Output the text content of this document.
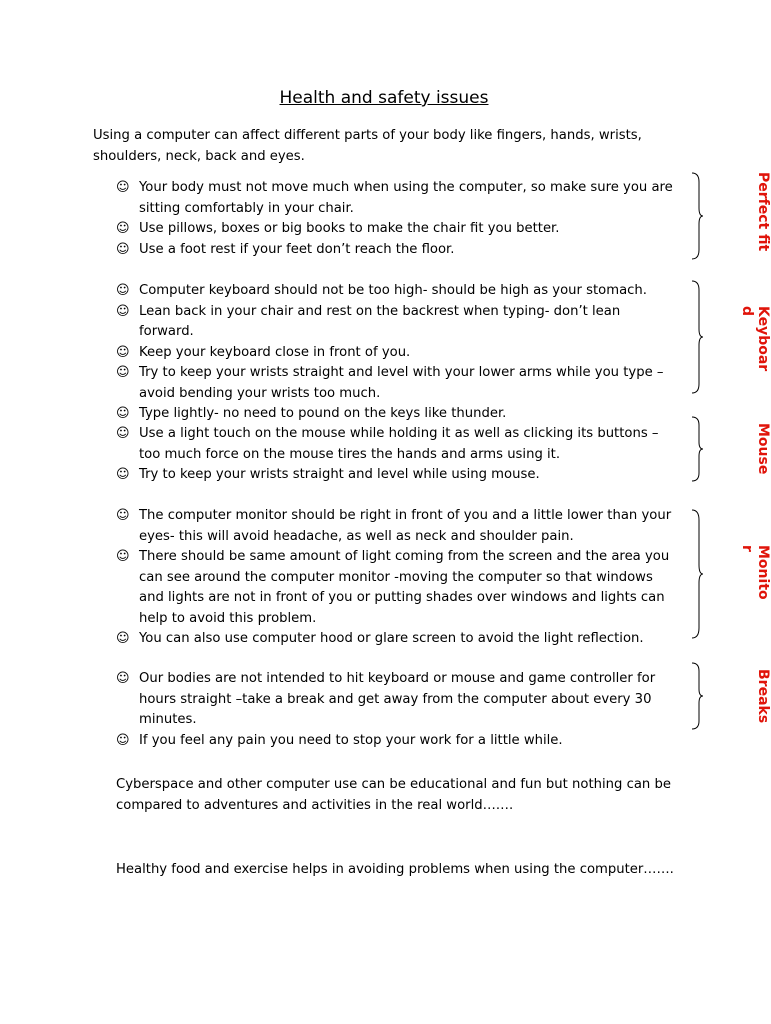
Health and safety issues
Using a computer can affect different parts of your body like fingers, hands, wrists, shoulders, neck, back and eyes.
☺ Your body must not move much when using the computer, so make sure you are sitting comfortably in your chair.
☺ Use pillows, boxes or big books to make the chair fit you better.
☺ Use a foot rest if your feet don’t reach the floor.	Perfect fit
☺ Computer keyboard should not be too high- should be high as your stomach.
☺ Lean back in your chair and rest on the backrest when typing- don’t lean forward.
☺ Keep your keyboard close in front of you.
☺ Try to keep your wrists straight and level with your lower arms while you type – avoid bending your wrists too much.
☺ Type lightly- no need to pound on the keys like thunder.
Keyboar
d
☺ Use a light touch on the mouse while holding it as well as clicking its buttons – too much force on the mouse tires the hands and arms using it.
☺ Try to keep your wrists straight and level while using mouse.
Mouse
☺ The computer monitor should be right in front of you and a little lower than your eyes- this will avoid headache, as well as neck and shoulder pain.
☺ There should be same amount of light coming from the screen and the area you can see around the computer monitor -moving the computer so that windows and lights are not in front of you or putting shades over windows and lights can help to avoid this problem.
☺ You can also use computer hood or glare screen to avoid the light reflection.
Monito
r
☺ Our bodies are not intended to hit keyboard or mouse and game controller for hours straight –take a break and get away from the computer about every 30 minutes.
☺ If you feel any pain you need to stop your work for a little while.
Breaks
Cyberspace and other computer use can be educational and fun but nothing can be compared to adventures and activities in the real world…….
Healthy food and exercise helps in avoiding problems when using the computer…….
